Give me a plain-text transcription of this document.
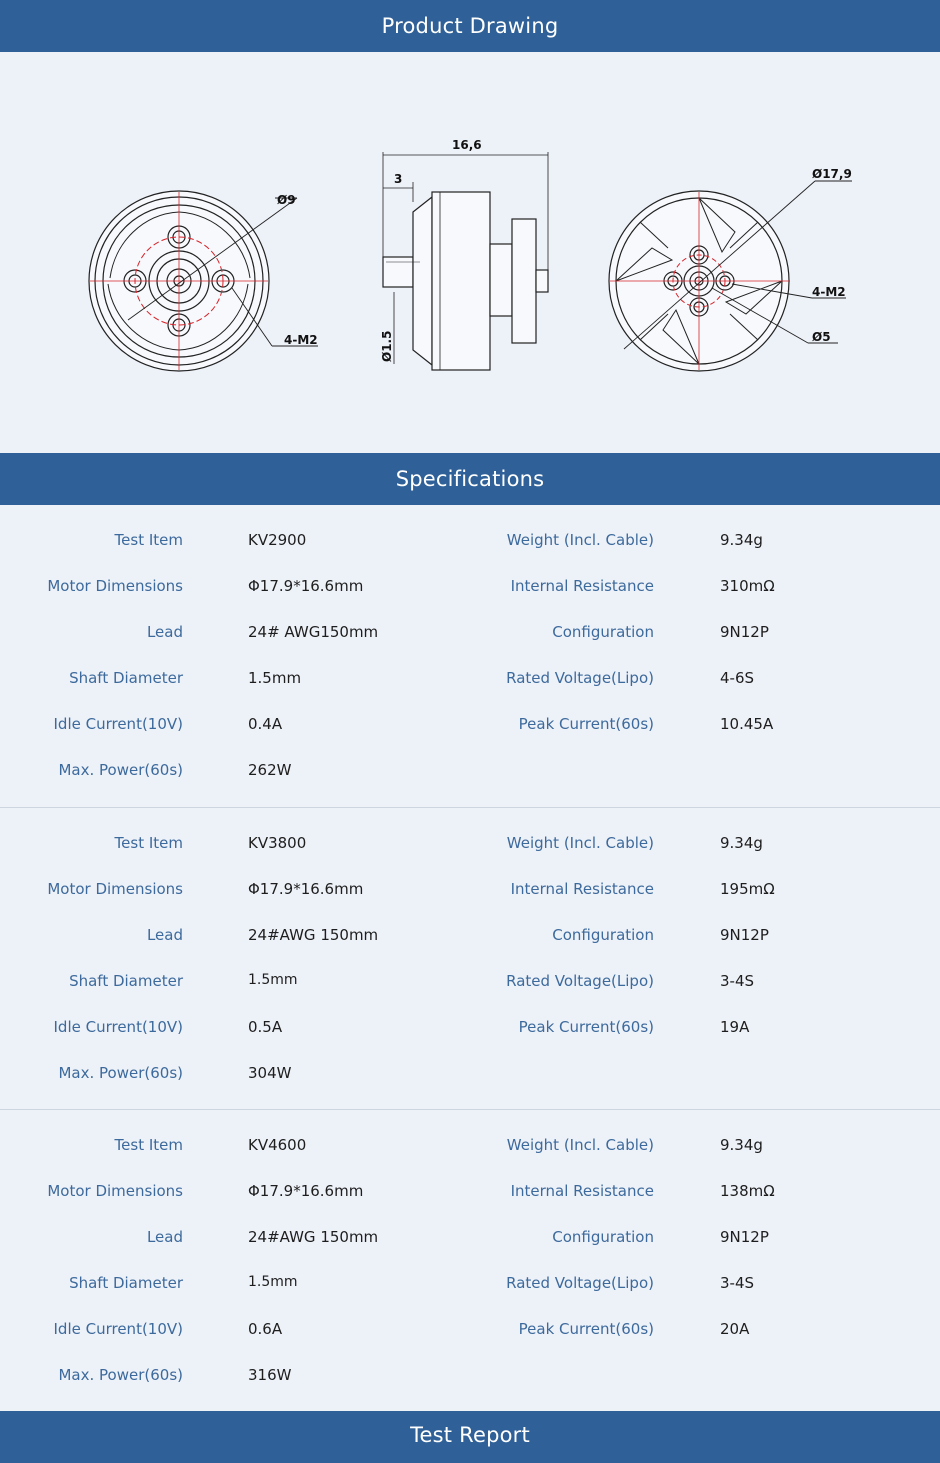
Product Drawing
Ø9
4-M2
16,6
3
Ø1.5
Ø17,9
4-M2
Ø5
Specifications
Test Item	KV2900	Weight (Incl. Cable)	9.34g
Motor Dimensions	Φ17.9*16.6mm	Internal Resistance	310mΩ
Lead	24# AWG150mm	Configuration	9N12P
Shaft Diameter	1.5mm	Rated Voltage(Lipo)	4-6S
Idle Current(10V)	0.4A	Peak Current(60s)	10.45A
Max. Power(60s)	262W
Test Item	KV3800	Weight (Incl. Cable)	9.34g
Motor Dimensions	Φ17.9*16.6mm	Internal Resistance	195mΩ
Lead	24#AWG 150mm	Configuration	9N12P
Shaft Diameter	1.5mm	Rated Voltage(Lipo)	3-4S
Idle Current(10V)	0.5A	Peak Current(60s)	19A
Max. Power(60s)	304W
Test Item	KV4600	Weight (Incl. Cable)	9.34g
Motor Dimensions	Φ17.9*16.6mm	Internal Resistance	138mΩ
Lead	24#AWG 150mm	Configuration	9N12P
Shaft Diameter	1.5mm	Rated Voltage(Lipo)	3-4S
Idle Current(10V)	0.6A	Peak Current(60s)	20A
Max. Power(60s)	316W
Test Report
